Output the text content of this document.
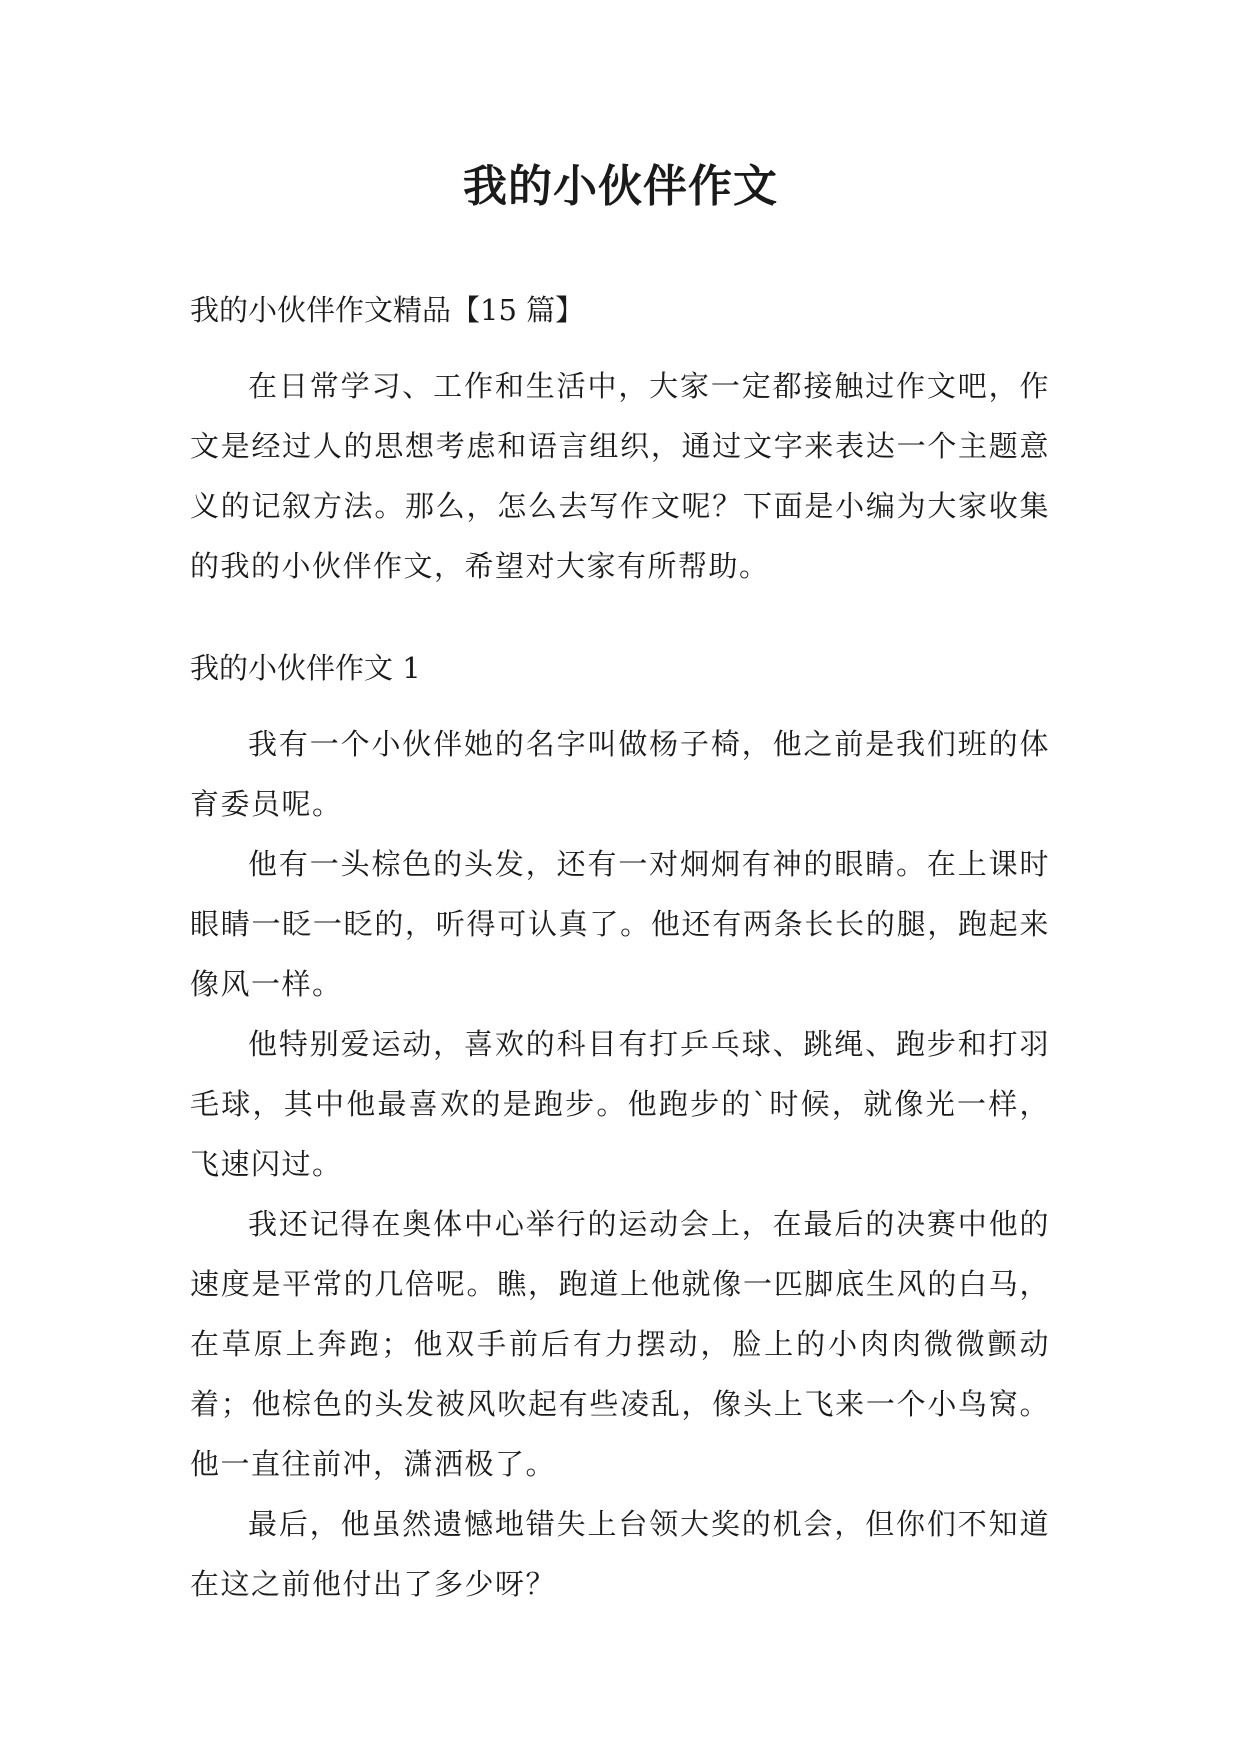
我的小伙伴作文
我的小伙伴作文精品【15 篇】

在日常学习、工作和生活中，大家一定都接触过作文吧，作文是经过人的思想考虑和语言组织，通过文字来表达一个主题意义的记叙方法。那么，怎么去写作文呢？下面是小编为大家收集的我的小伙伴作文，希望对大家有所帮助。

我的小伙伴作文 1

我有一个小伙伴她的名字叫做杨子椅，他之前是我们班的体育委员呢。

他有一头棕色的头发，还有一对炯炯有神的眼睛。在上课时眼睛一眨一眨的，听得可认真了。他还有两条长长的腿，跑起来像风一样。

他特别爱运动，喜欢的科目有打乒乓球、跳绳、跑步和打羽毛球，其中他最喜欢的是跑步。他跑步的`时候，就像光一样，飞速闪过。

我还记得在奥体中心举行的运动会上，在最后的决赛中他的速度是平常的几倍呢。瞧，跑道上他就像一匹脚底生风的白马，在草原上奔跑；他双手前后有力摆动，脸上的小肉肉微微颤动着；他棕色的头发被风吹起有些凌乱，像头上飞来一个小鸟窝。他一直往前冲，潇洒极了。

最后，他虽然遗憾地错失上台领大奖的机会，但你们不知道在这之前他付出了多少呀？
